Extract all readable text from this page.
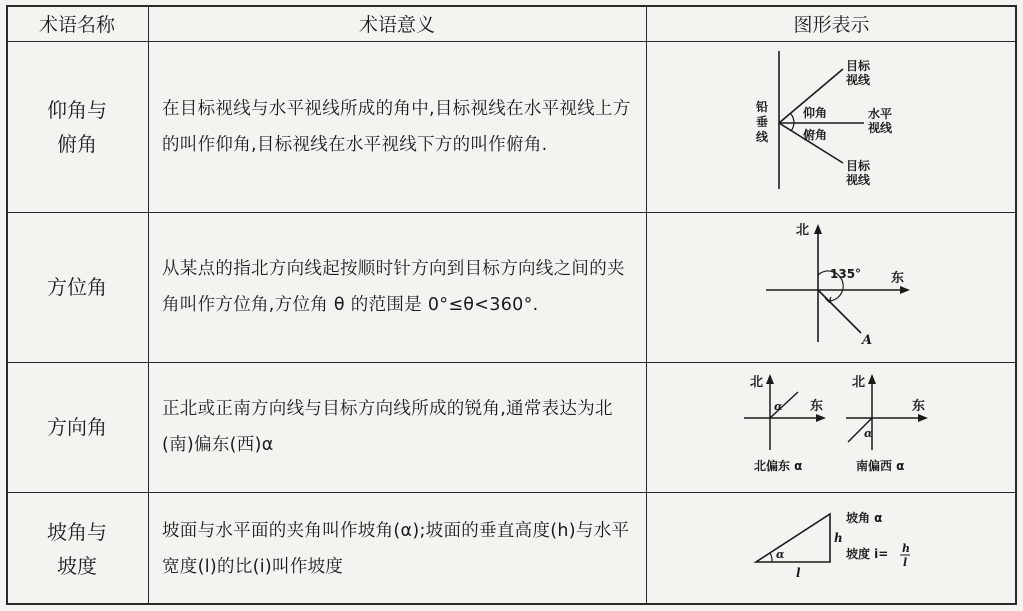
术语名称	术语意义	图形表示
仰角与俯角
在目标视线与水平视线所成的角中,目标视线在水平视线上方的叫作仰角,目标视线在水平视线下方的叫作俯角.
铅
垂
线
目标
视线
水平
视线
目标
视线
仰角
俯角
方位角
从某点的指北方向线起按顺时针方向到目标方向线之间的夹角叫作方位角,方位角 θ 的范围是 0°≤θ<360°.
北
东
135°
A
方向角
正北或正南方向线与目标方向线所成的锐角,通常表达为北(南)偏东(西)α
α
北
东
北偏东 α
α
北
东
南偏西 α
坡角与坡度
坡面与水平面的夹角叫作坡角(α);坡面的垂直高度(h)与水平宽度(l)的比(i)叫作坡度
α
h
l
坡角 α
坡度 i= h
l
